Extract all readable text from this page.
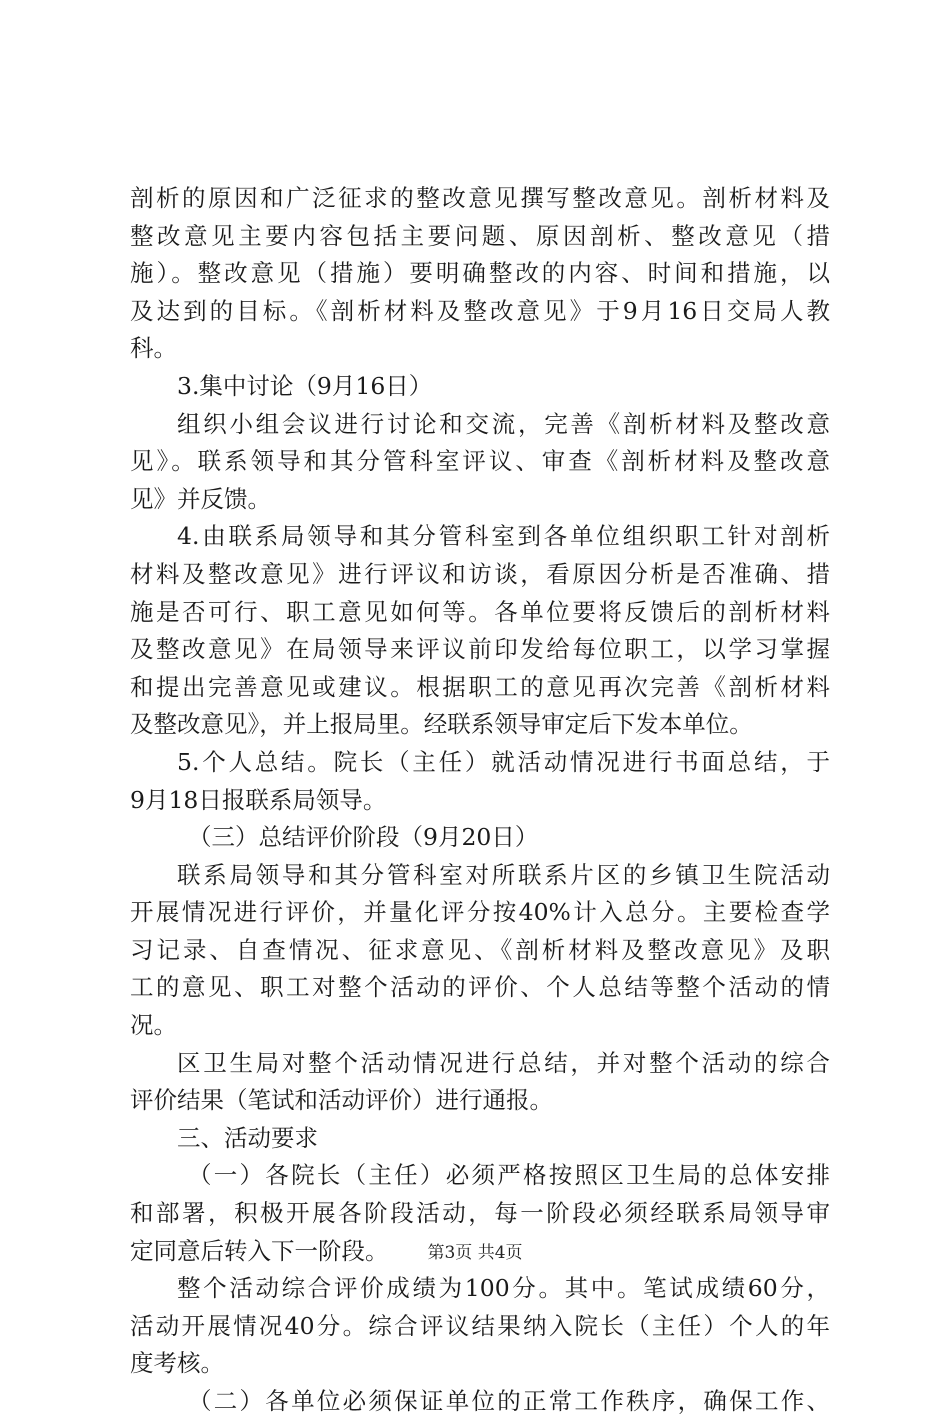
剖析的原因和广泛征求的整改意见撰写整改意见。剖析材料及
整改意见主要内容包括主要问题、原因剖析、整改意见（措
施）。整改意见（措施）要明确整改的内容、时间和措施，以
及达到的目标。《剖析材料及整改意见》于9月16日交局人教
科。
3.集中讨论（9月16日）
组织小组会议进行讨论和交流，完善《剖析材料及整改意
见》。联系领导和其分管科室评议、审查《剖析材料及整改意
见》并反馈。
4.由联系局领导和其分管科室到各单位组织职工针对剖析
材料及整改意见》进行评议和访谈，看原因分析是否准确、措
施是否可行、职工意见如何等。各单位要将反馈后的剖析材料
及整改意见》在局领导来评议前印发给每位职工，以学习掌握
和提出完善意见或建议。根据职工的意见再次完善《剖析材料
及整改意见》，并上报局里。经联系领导审定后下发本单位。
5.个人总结。院长（主任）就活动情况进行书面总结，于
9月18日报联系局领导。
（三）总结评价阶段（9月20日）
联系局领导和其分管科室对所联系片区的乡镇卫生院活动
开展情况进行评价，并量化评分按40%计入总分。主要检查学
习记录、自查情况、征求意见、《剖析材料及整改意见》及职
工的意见、职工对整个活动的评价、个人总结等整个活动的情
况。
区卫生局对整个活动情况进行总结，并对整个活动的综合
评价结果（笔试和活动评价）进行通报。
三、活动要求
（一）各院长（主任）必须严格按照区卫生局的总体安排
和部署，积极开展各阶段活动，每一阶段必须经联系局领导审
定同意后转入下一阶段。
整个活动综合评价成绩为100分。其中。笔试成绩60分，
活动开展情况40分。综合评议结果纳入院长（主任）个人的年
度考核。
（二）各单位必须保证单位的正常工作秩序，确保工作、
第3页 共4页
